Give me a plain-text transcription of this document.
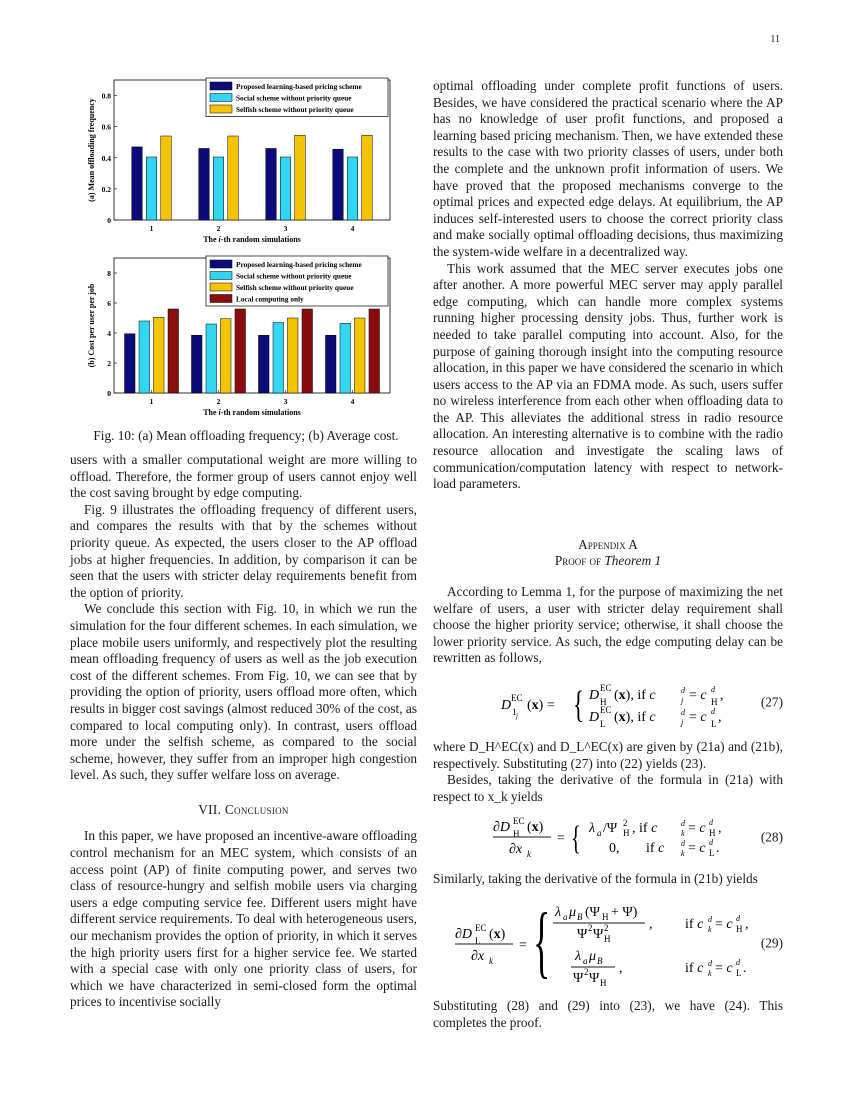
11
0
0.2
0.4
0.6
0.8
1	2	3	4
The i-th random simulations
(a) Mean offloading frequency
Proposed learning-based pricing scheme
Social scheme without priority queue
Selfish scheme without priority queue
0
2
4
6
8
1	2	3	4
The i-th random simulations
(b) Cost per user per job
Proposed learning-based pricing scheme
Social scheme without priority queue
Selfish scheme without priority queue
Local computing only
Fig. 10: (a) Mean offloading frequency; (b) Average cost.

users with a smaller computational weight are more willing to offload. Therefore, the former group of users cannot enjoy well the cost saving brought by edge computing.

Fig. 9 illustrates the offloading frequency of different users, and compares the results with that by the schemes without priority queue. As expected, the users closer to the AP offload jobs at higher frequencies. In addition, by comparison it can be seen that the users with stricter delay requirements benefit from the option of priority.

We conclude this section with Fig. 10, in which we run the simulation for the four different schemes. In each simulation, we place mobile users uniformly, and respectively plot the resulting mean offloading frequency of users as well as the job execution cost of the different schemes. From Fig. 10, we can see that by providing the option of priority, users offload more often, which results in bigger cost savings (almost reduced 30% of the cost, as compared to local computing only). In contrast, users offload more under the selfish scheme, as compared to the social scheme, however, they suffer from an improper high congestion level. As such, they suffer welfare loss on average.

VII. Conclusion

In this paper, we have proposed an incentive-aware offloading control mechanism for an MEC system, which consists of an access point (AP) of finite computing power, and serves two class of resource-hungry and selfish mobile users via charging users a edge computing service fee. Different users might have different service requirements. To deal with heterogeneous users, our mechanism provides the option of priority, in which it serves the high priority users first for a higher service fee. We started with a special case with only one priority class of users, for which we have characterized in semi-closed form the optimal prices to incentivise socially

optimal offloading under complete profit functions of users. Besides, we have considered the practical scenario where the AP has no knowledge of user profit functions, and proposed a learning based pricing mechanism. Then, we have extended these results to the case with two priority classes of users, under both the complete and the unknown profit information of users. We have proved that the proposed mechanisms converge to the optimal prices and expected edge delays. At equilibrium, the AP induces self-interested users to choose the correct priority class and make socially optimal offloading decisions, thus maximizing the system-wide welfare in a decentralized way.

This work assumed that the MEC server executes jobs one after another. A more powerful MEC server may apply parallel edge computing, which can handle more complex systems running higher processing density jobs. Thus, further work is needed to take parallel computing into account. Also, for the purpose of gaining thorough insight into the computing resource allocation, in this paper we have considered the scenario in which users access to the AP via an FDMA mode. As such, users suffer no wireless interference from each other when offloading data to the AP. This alleviates the additional stress in radio resource allocation. An interesting alternative is to combine with the radio resource allocation and investigate the scaling laws of communication/computation latency with respect to network-load parameters.

Appendix A
Proof of Theorem 1

According to Lemma 1, for the purpose of maximizing the net welfare of users, a user with stricter delay requirement shall choose the higher priority service; otherwise, it shall choose the lower priority service. As such, the edge computing delay can be rewritten as follows,

D 1 j
EC (x) = { D H
EC (x), if c	j
d = c H
d ,
D L
EC (x), if c	j
d = c L
d ,
(27)

where D_H^EC(x) and D_L^EC(x) are given by (21a) and (21b), respectively. Substituting (27) into (22) yields (23).

Besides, taking the derivative of the formula in (21a) with respect to x_k yields

∂D H
EC (x)
∂x k
= { λ a /Ψ H
2 , if c	k
d = c H
d ,
0, if c k
d = c L
d .
(28)

Similarly, taking the derivative of the formula in (21b) yields

∂D L
EC (x)
∂x k
= { λ a μ B (Ψ H + Ψ)
Ψ 2 Ψ H
2	, if c k
d = c H
d ,
λ a μ B
Ψ 2 Ψ H
,	if c k
d = c L
d .
(29)

Substituting (28) and (29) into (23), we have (24). This completes the proof.
